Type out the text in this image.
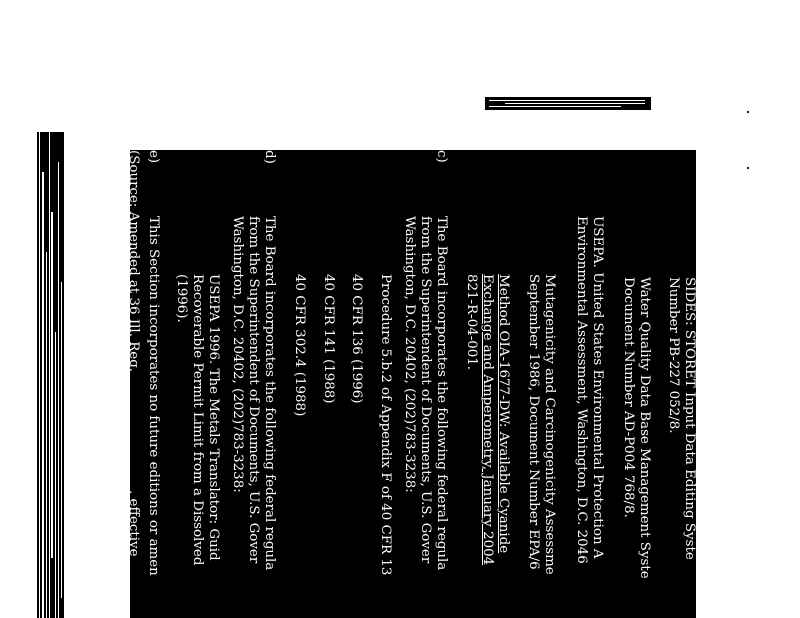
SIDES: STORET Input Data Editing Syste
Number PB-227 052/8.
Water Quality Data Base Management Syste
Document Number AD-P004 768/8.
USEPA. United States Environmental Protection A
Environmental Assessment, Washington, D.C. 2046
Mutagenicity and Carcinogenicity Assessme
September 1986, Document Number EPA/6
Method OIA-1677-DW: Available Cyanide
Exchange and Amperometry, January 2004
821-R-04-001.
c)
The Board incorporates the following federal regula
from the Superintendent of Documents, U.S. Gover
Washington, D.C. 20402, (202)783-3238:
Procedure 5.b.2 of Appendix F of 40 CFR 13
40 CFR 136 (1996)
40 CFR 141 (1988)
40 CFR 302.4 (1988)
d)
The Board incorporates the following federal regula
from the Superintendent of Documents, U.S. Gover
Washington, D.C. 20402, (202)783-3238:
USEPA 1996. The Metals Translator: Guid
Recoverable Permit Limit from a Dissolved
(1996).
e)
This Section incorporates no future editions or amen
(Source: Amended at 36 Ill. Reg.
, effective
